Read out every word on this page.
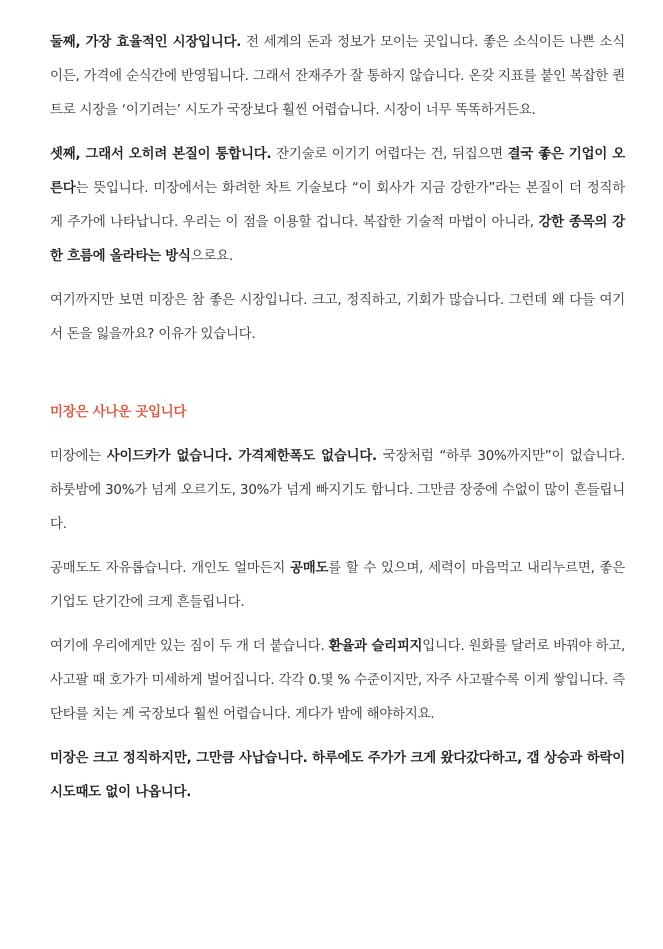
둘째, 가장 효율적인 시장입니다. 전 세계의 돈과 정보가 모이는 곳입니다. 좋은 소식이든 나쁜 소식이든, 가격에 순식간에 반영됩니다. 그래서 잔재주가 잘 통하지 않습니다. 온갖 지표를 붙인 복잡한 퀀트로 시장을 ‘이기려는’ 시도가 국장보다 훨씬 어렵습니다. 시장이 너무 똑똑하거든요.

셋째, 그래서 오히려 본질이 통합니다. 잔기술로 이기기 어렵다는 건, 뒤집으면 결국 좋은 기업이 오른다는 뜻입니다. 미장에서는 화려한 차트 기술보다 “이 회사가 지금 강한가”라는 본질이 더 정직하게 주가에 나타납니다. 우리는 이 점을 이용할 겁니다. 복잡한 기술적 마법이 아니라, 강한 종목의 강한 흐름에 올라타는 방식으로요.

여기까지만 보면 미장은 참 좋은 시장입니다. 크고, 정직하고, 기회가 많습니다. 그런데 왜 다들 여기서 돈을 잃을까요? 이유가 있습니다.

미장은 사나운 곳입니다

미장에는 사이드카가 없습니다. 가격제한폭도 없습니다. 국장처럼 “하루 30%까지만”이 없습니다. 하룻밤에 30%가 넘게 오르기도, 30%가 넘게 빠지기도 합니다. 그만큼 장중에 수없이 많이 흔들립니다.

공매도도 자유롭습니다. 개인도 얼마든지 공매도를 할 수 있으며, 세력이 마음먹고 내리누르면, 좋은 기업도 단기간에 크게 흔들립니다.

여기에 우리에게만 있는 짐이 두 개 더 붙습니다. 환율과 슬리피지입니다. 원화를 달러로 바꿔야 하고, 사고팔 때 호가가 미세하게 벌어집니다. 각각 0.몇 % 수준이지만, 자주 사고팔수록 이게 쌓입니다. 즉 단타를 치는 게 국장보다 훨씬 어렵습니다. 게다가 밤에 해야하지요.

미장은 크고 정직하지만, 그만큼 사납습니다. 하루에도 주가가 크게 왔다갔다하고, 갭 상승과 하락이 시도때도 없이 나옵니다.
